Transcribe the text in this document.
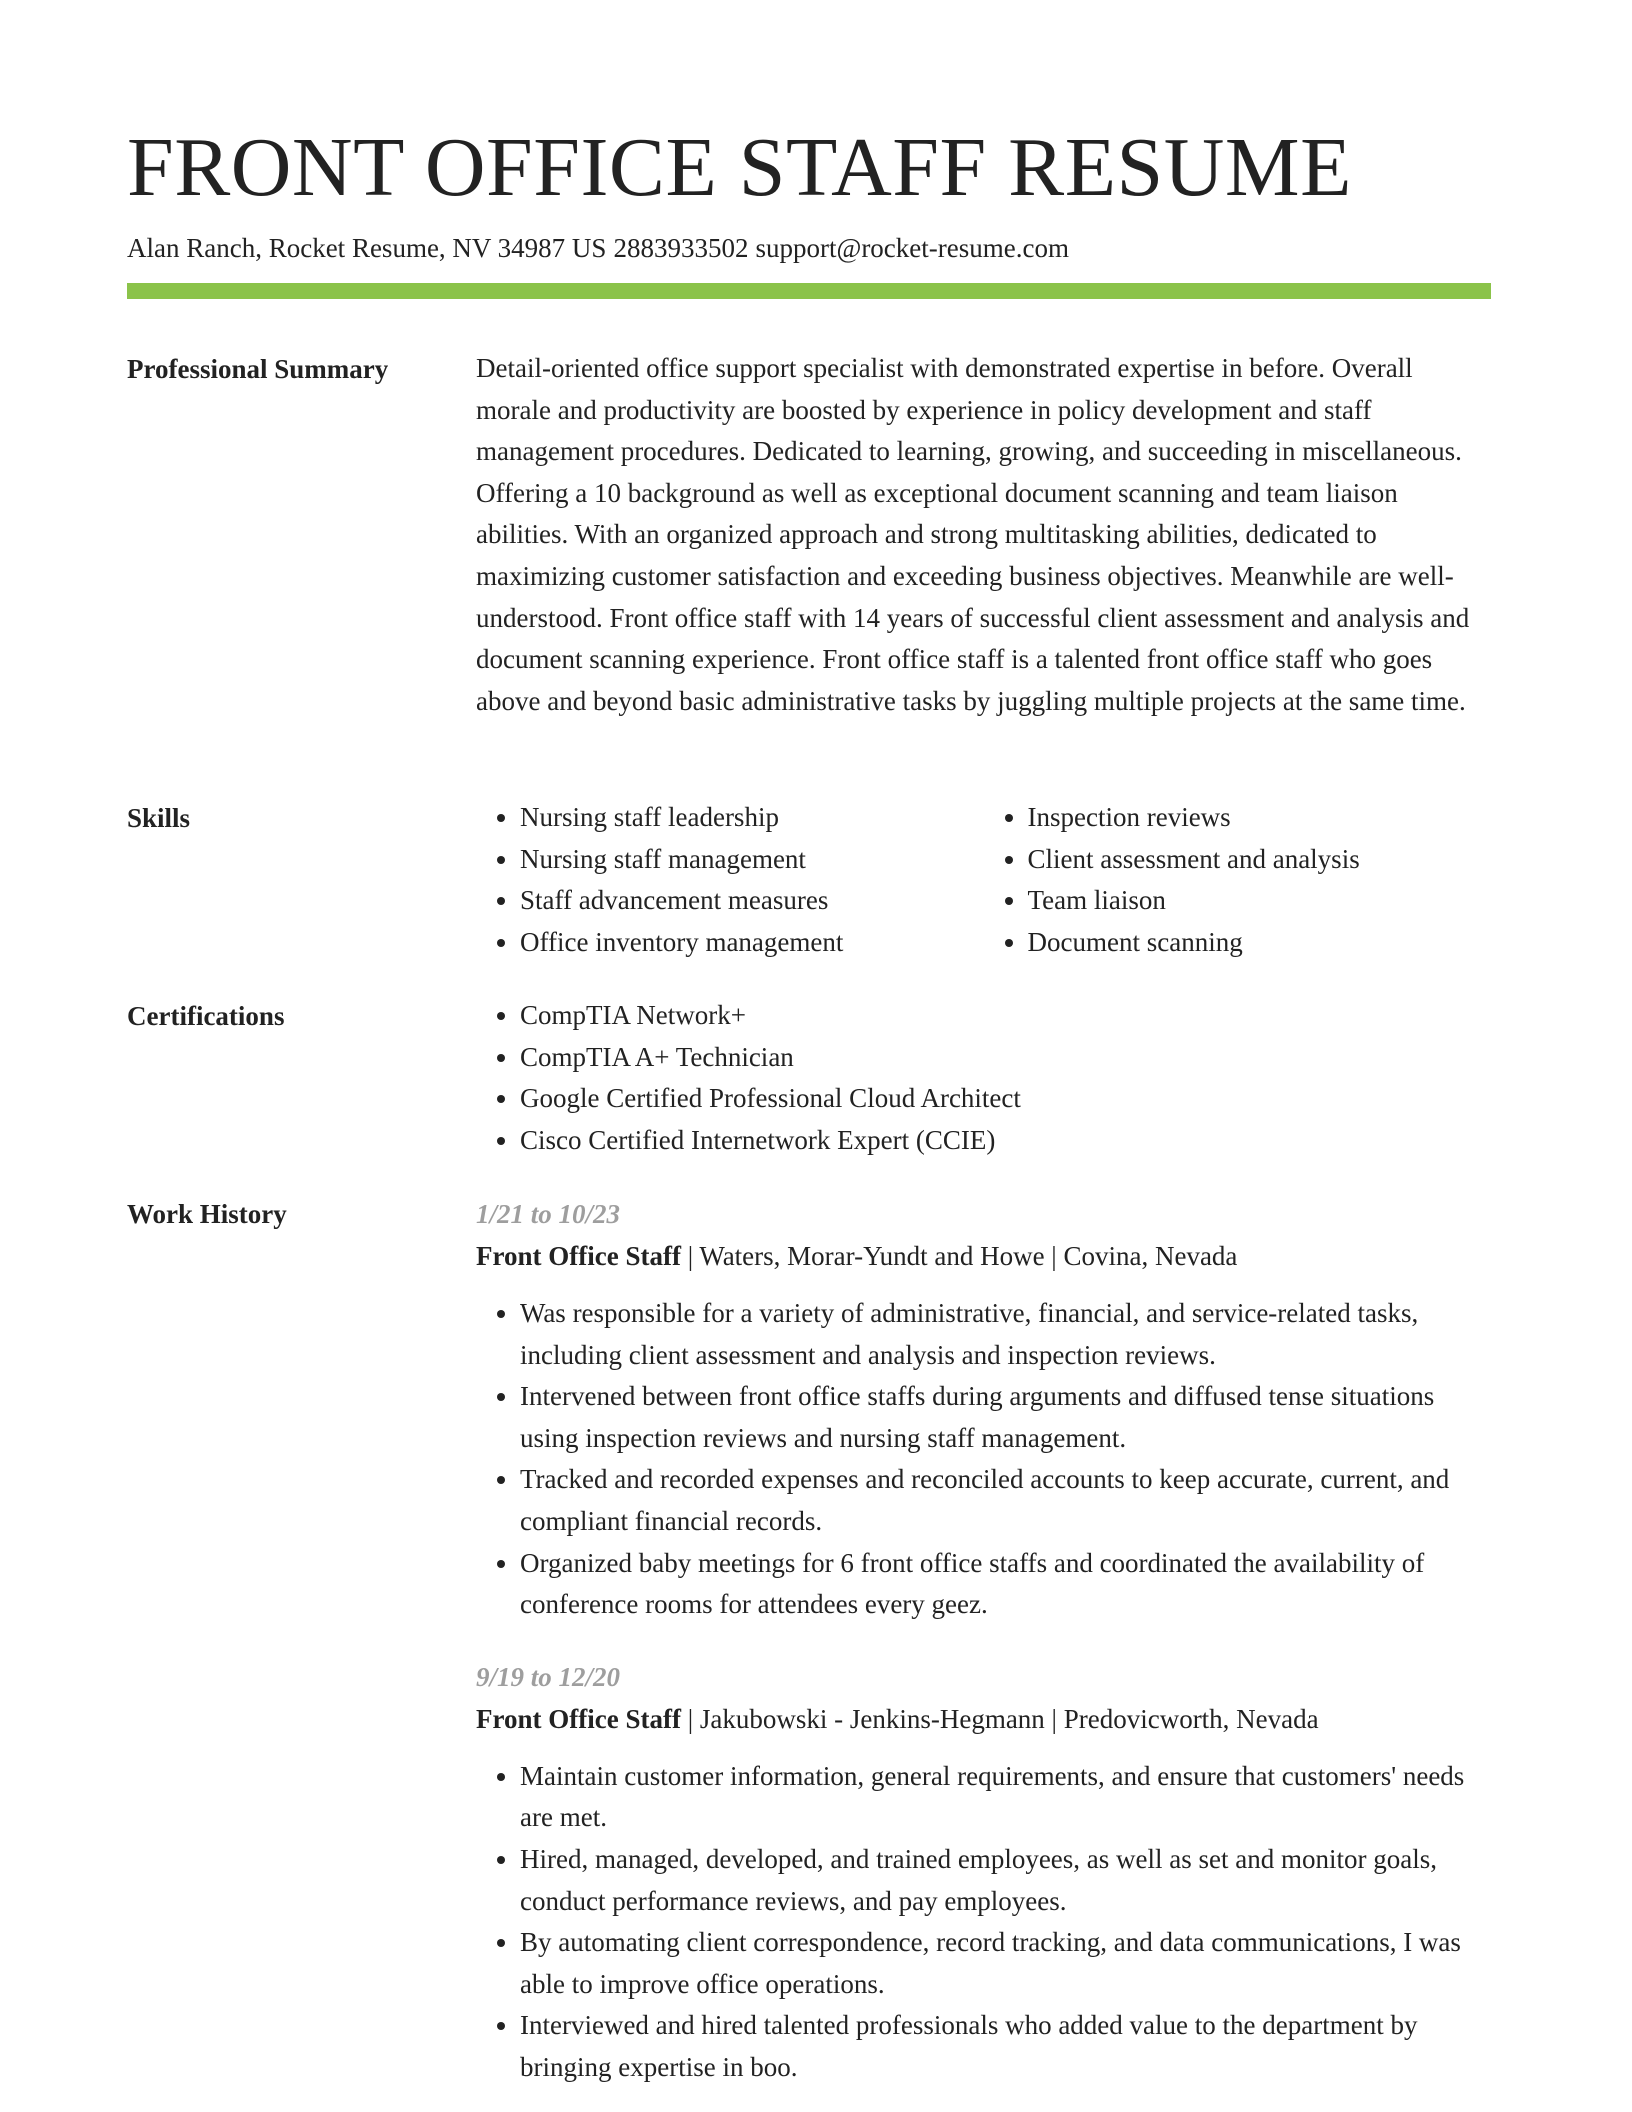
FRONT OFFICE STAFF RESUME
Alan Ranch, Rocket Resume, NV 34987 US 2883933502 support@rocket-resume.com
Professional Summary	Detail-oriented office support specialist with demonstrated expertise in before. Overall morale and productivity are boosted by experience in policy development and staff management procedures. Dedicated to learning, growing, and succeeding in miscellaneous. Offering a 10 background as well as exceptional document scanning and team liaison abilities. With an organized approach and strong multitasking abilities, dedicated to maximizing customer satisfaction and exceeding business objectives. Meanwhile are well-understood. Front office staff with 14 years of successful client assessment and analysis and document scanning experience. Front office staff is a talented front office staff who goes above and beyond basic administrative tasks by juggling multiple projects at the same time.

Skills	• Nursing staff leadership
• Nursing staff management
• Staff advancement measures
• Office inventory management
• Inspection reviews
• Client assessment and analysis
• Team liaison
• Document scanning
Certifications	• CompTIA Network+
• CompTIA A+ Technician
• Google Certified Professional Cloud Architect
• Cisco Certified Internetwork Expert (CCIE)
Work History	1/21 to 10/23
Front Office Staff | Waters, Morar-Yundt and Howe | Covina, Nevada
• Was responsible for a variety of administrative, financial, and service-related tasks, including client assessment and analysis and inspection reviews.
• Intervened between front office staffs during arguments and diffused tense situations using inspection reviews and nursing staff management.
• Tracked and recorded expenses and reconciled accounts to keep accurate, current, and compliant financial records.
• Organized baby meetings for 6 front office staffs and coordinated the availability of conference rooms for attendees every geez.
9/19 to 12/20
Front Office Staff | Jakubowski - Jenkins-Hegmann | Predovicworth, Nevada
• Maintain customer information, general requirements, and ensure that customers' needs are met.
• Hired, managed, developed, and trained employees, as well as set and monitor goals, conduct performance reviews, and pay employees.
• By automating client correspondence, record tracking, and data communications, I was able to improve office operations.
• Interviewed and hired talented professionals who added value to the department by bringing expertise in boo.
